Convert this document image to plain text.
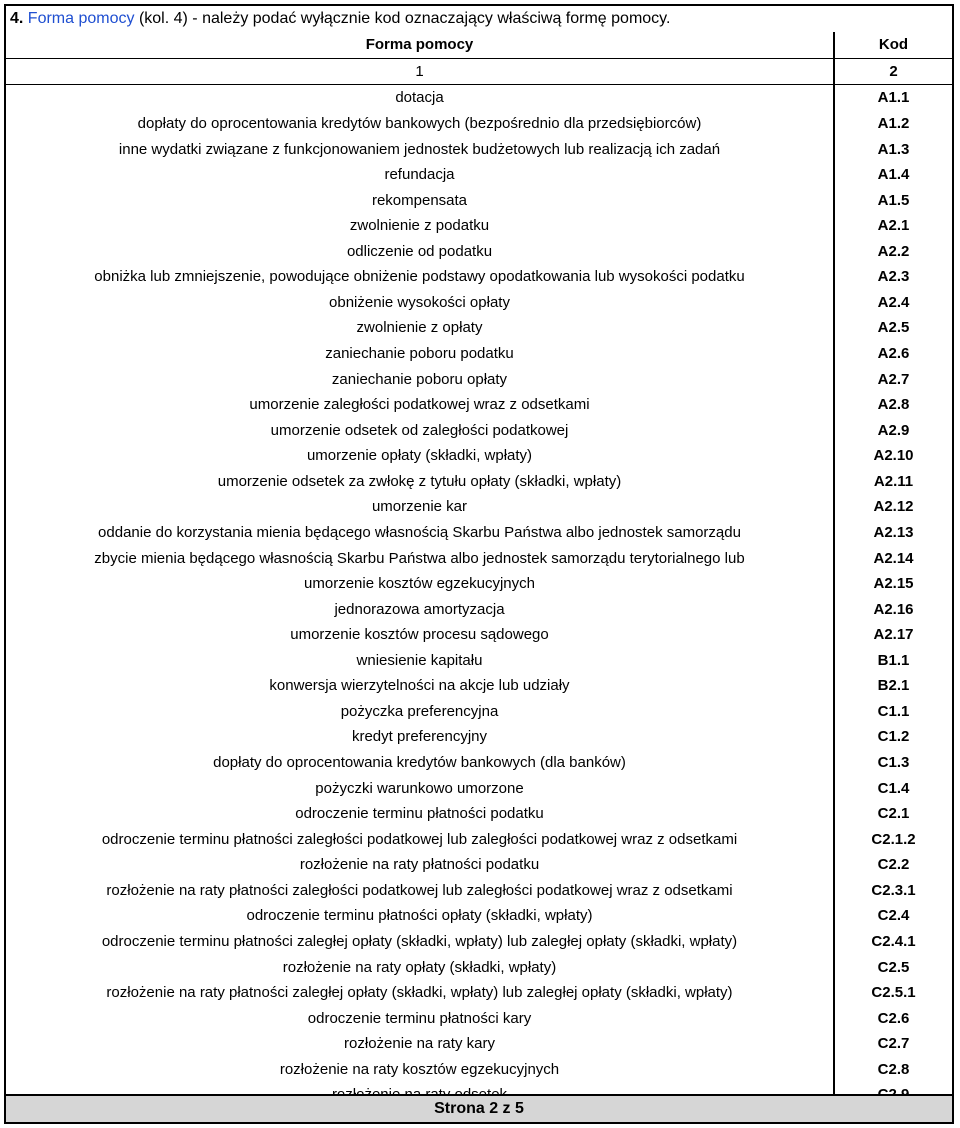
4. Forma pomocy (kol. 4) - należy podać wyłącznie kod oznaczający właściwą formę pomocy.
Forma pomocy	Kod
1	2
dotacja	A1.1
dopłaty do oprocentowania kredytów bankowych (bezpośrednio dla przedsiębiorców)	A1.2
inne wydatki związane z funkcjonowaniem jednostek budżetowych lub realizacją ich zadań	A1.3
refundacja	A1.4
rekompensata	A1.5
zwolnienie z podatku	A2.1
odliczenie od podatku	A2.2
obniżka lub zmniejszenie, powodujące obniżenie podstawy opodatkowania lub wysokości podatku	A2.3
obniżenie wysokości opłaty	A2.4
zwolnienie z opłaty	A2.5
zaniechanie poboru podatku	A2.6
zaniechanie poboru opłaty	A2.7
umorzenie zaległości podatkowej wraz z odsetkami	A2.8
umorzenie odsetek od zaległości podatkowej	A2.9
umorzenie opłaty (składki, wpłaty)	A2.10
umorzenie odsetek za zwłokę z tytułu opłaty (składki, wpłaty)	A2.11
umorzenie kar	A2.12
oddanie do korzystania mienia będącego własnością Skarbu Państwa albo jednostek samorządu	A2.13
zbycie mienia będącego własnością Skarbu Państwa albo jednostek samorządu terytorialnego lub	A2.14
umorzenie kosztów egzekucyjnych	A2.15
jednorazowa amortyzacja	A2.16
umorzenie kosztów procesu sądowego	A2.17
wniesienie kapitału	B1.1
konwersja wierzytelności na akcje lub udziały	B2.1
pożyczka preferencyjna	C1.1
kredyt preferencyjny	C1.2
dopłaty do oprocentowania kredytów bankowych (dla banków)	C1.3
pożyczki warunkowo umorzone	C1.4
odroczenie terminu płatności podatku	C2.1
odroczenie terminu płatności zaległości podatkowej lub zaległości podatkowej wraz z odsetkami	C2.1.2
rozłożenie na raty płatności podatku	C2.2
rozłożenie na raty płatności zaległości podatkowej lub zaległości podatkowej wraz z odsetkami	C2.3.1
odroczenie terminu płatności opłaty (składki, wpłaty)	C2.4
odroczenie terminu płatności zaległej opłaty (składki, wpłaty) lub zaległej opłaty (składki, wpłaty)	C2.4.1
rozłożenie na raty opłaty (składki, wpłaty)	C2.5
rozłożenie na raty płatności zaległej opłaty (składki, wpłaty) lub zaległej opłaty (składki, wpłaty)	C2.5.1
odroczenie terminu płatności kary	C2.6
rozłożenie na raty kary	C2.7
rozłożenie na raty kosztów egzekucyjnych	C2.8

Strona 2 z 5
